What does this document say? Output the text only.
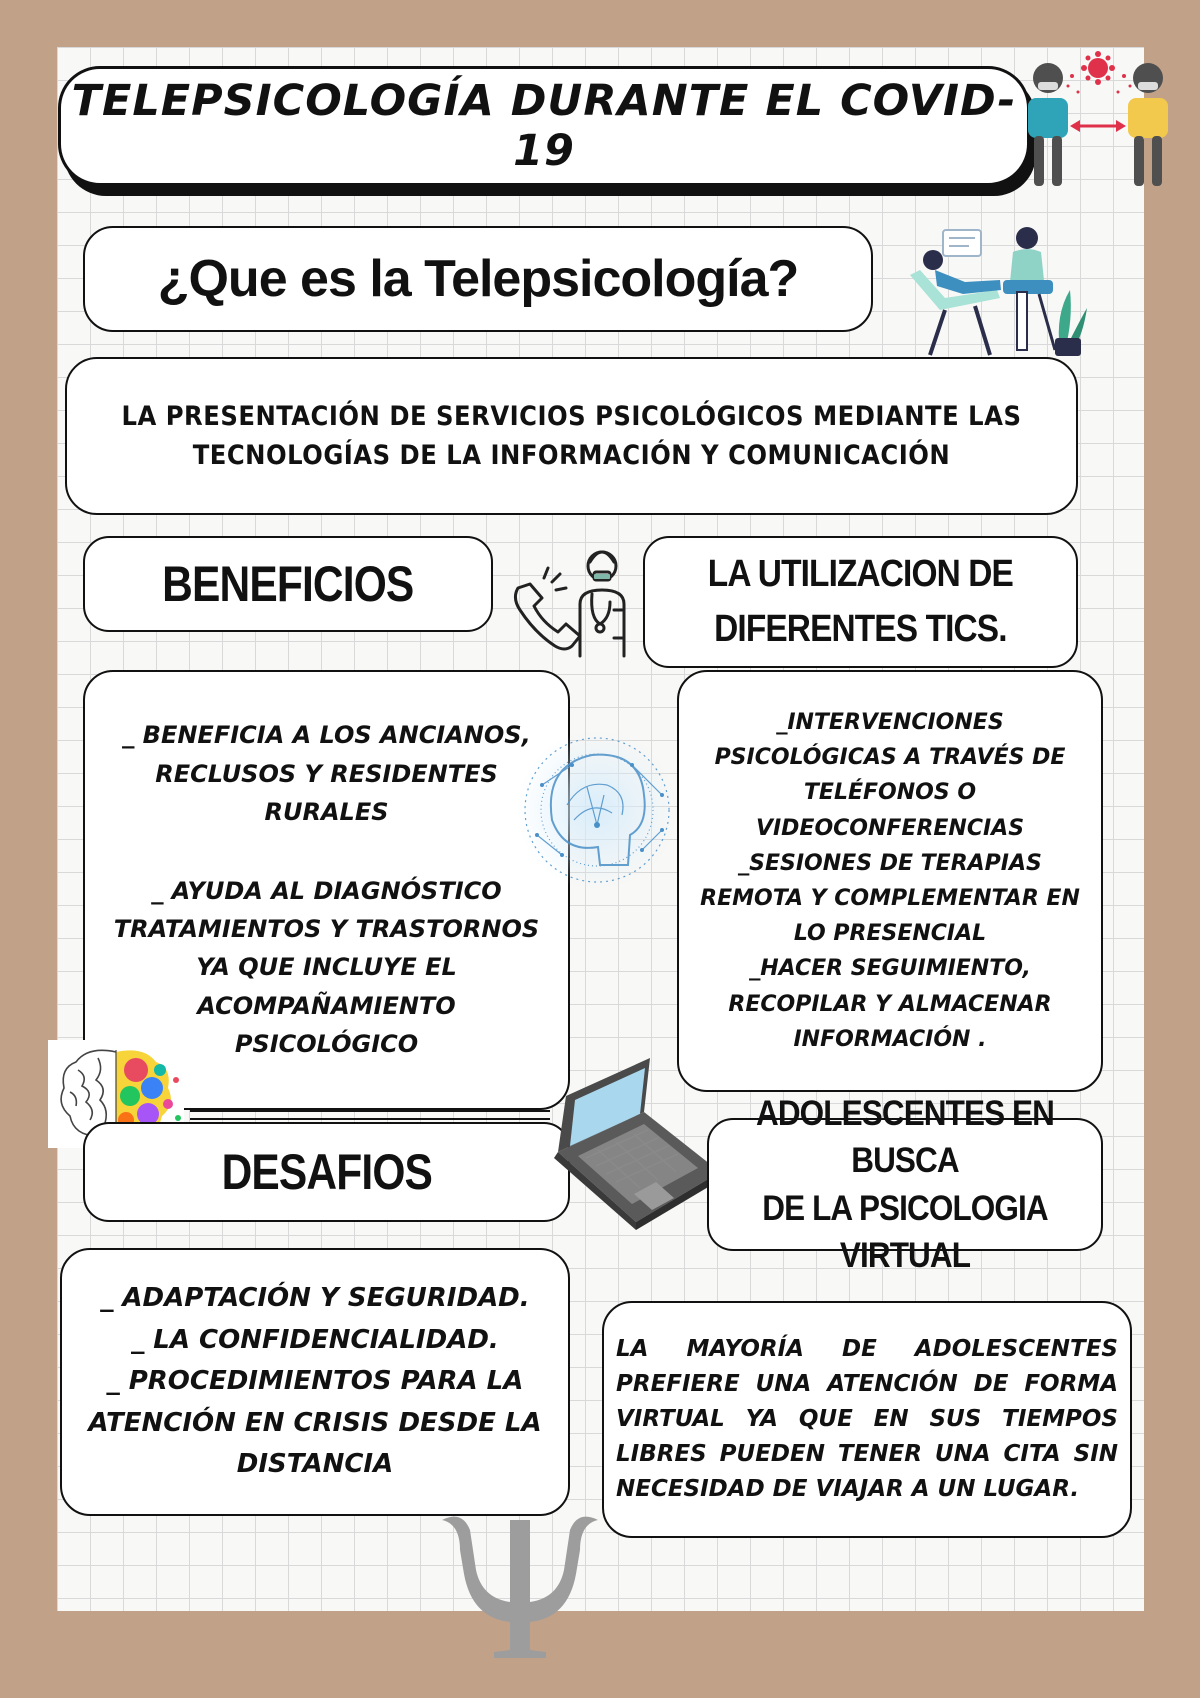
TELEPSICOLOGÍA DURANTE EL COVID-19
¿Que es la Telepsicología?
LA PRESENTACIÓN DE SERVICIOS PSICOLÓGICOS MEDIANTE LAS
TECNOLOGÍAS DE LA INFORMACIÓN Y COMUNICACIÓN
BENEFICIOS	LA UTILIZACION DE
DIFERENTES TICS.

_ BENEFICIA A LOS ANCIANOS, RECLUSOS Y RESIDENTES RURALES

_ AYUDA AL DIAGNÓSTICO TRATAMIENTOS Y TRASTORNOS YA QUE INCLUYE EL ACOMPAÑAMIENTO PSICOLÓGICO

_INTERVENCIONES PSICOLÓGICAS A TRAVÉS DE TELÉFONOS O VIDEOCONFERENCIAS

_SESIONES DE TERAPIAS REMOTA Y COMPLEMENTAR EN LO PRESENCIAL

_HACER SEGUIMIENTO, RECOPILAR Y ALMACENAR INFORMACIÓN .

DESAFIOS
ADOLESCENTES EN BUSCA
DE LA PSICOLOGIA VIRTUAL

_ ADAPTACIÓN Y SEGURIDAD.

_ LA CONFIDENCIALIDAD.

_ PROCEDIMIENTOS PARA LA ATENCIÓN EN CRISIS DESDE LA DISTANCIA

LA MAYORÍA DE ADOLESCENTES PREFIERE UNA ATENCIÓN DE FORMA VIRTUAL YA QUE EN SUS TIEMPOS LIBRES PUEDEN TENER UNA CITA SIN NECESIDAD DE VIAJAR A UN LUGAR.
